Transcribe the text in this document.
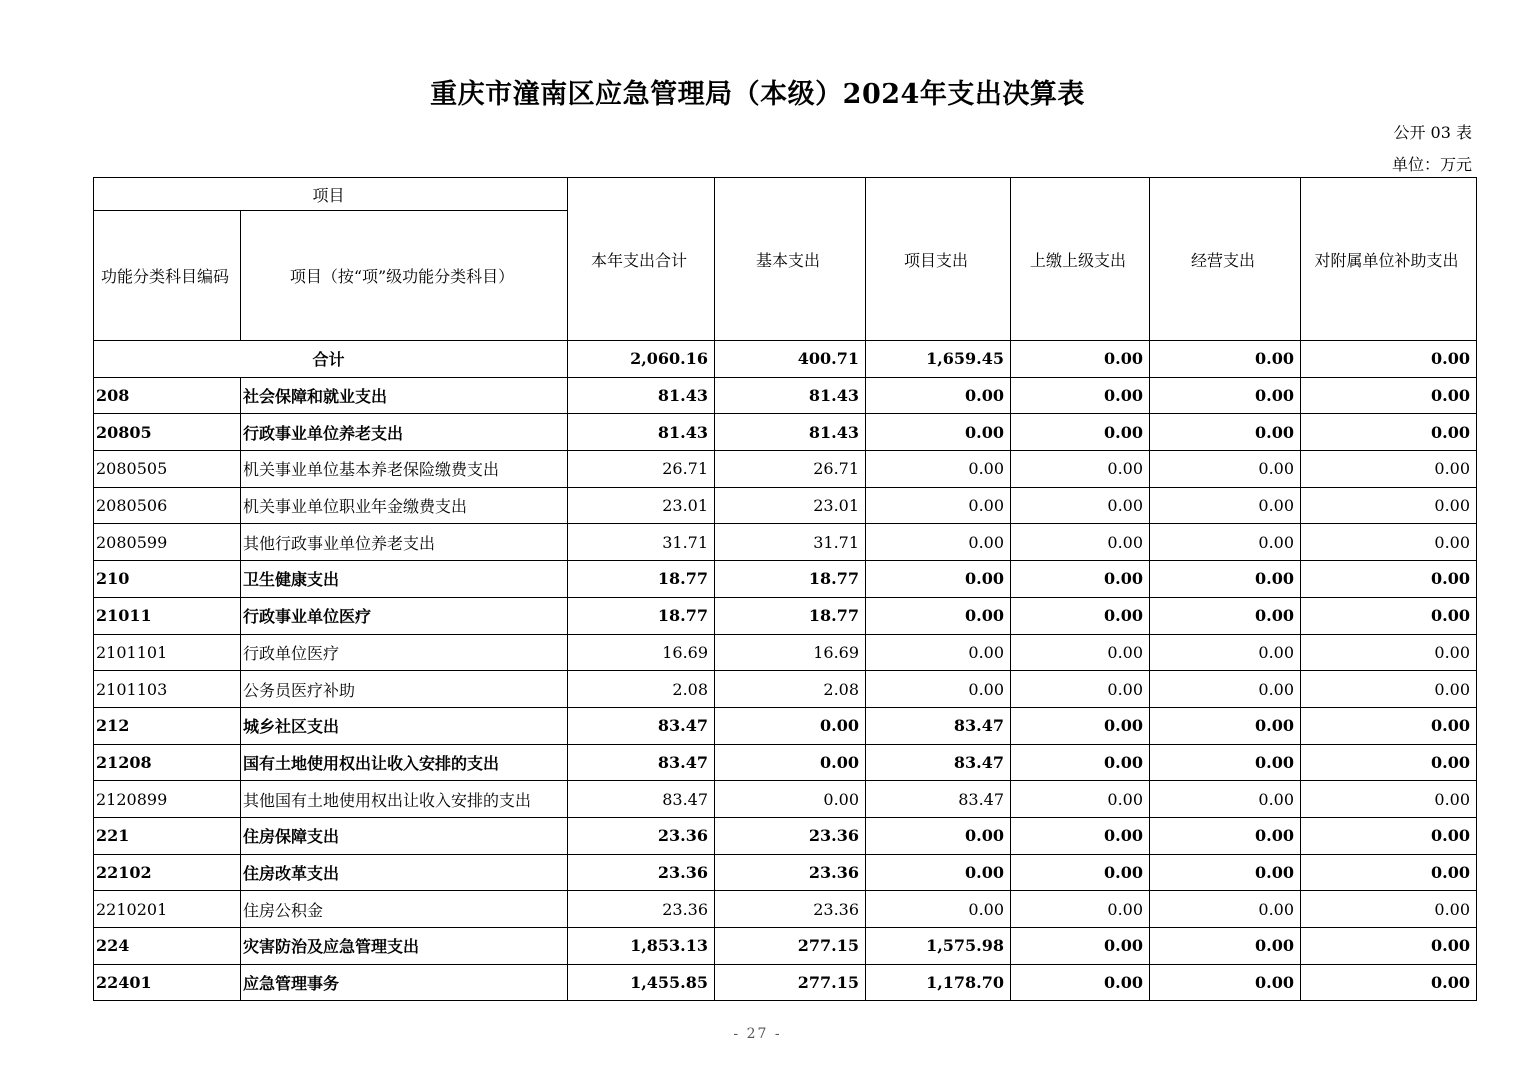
重庆市潼南区应急管理局（本级）2024年支出决算表
公开 03 表
单位：万元
项目		本年支出合计	基本支出	项目支出	上缴上级支出	经营支出	对附属单位补助支出
功能分类科目编码	项目（按“项”级功能分类科目）						
合计		2,060.16	400.71	1,659.45	0.00	0.00	0.00
208	社会保障和就业支出	81.43	81.43	0.00	0.00	0.00	0.00
20805	行政事业单位养老支出	81.43	81.43	0.00	0.00	0.00	0.00
2080505	机关事业单位基本养老保险缴费支出	26.71	26.71	0.00	0.00	0.00	0.00
2080506	机关事业单位职业年金缴费支出	23.01	23.01	0.00	0.00	0.00	0.00
2080599	其他行政事业单位养老支出	31.71	31.71	0.00	0.00	0.00	0.00
210	卫生健康支出	18.77	18.77	0.00	0.00	0.00	0.00
21011	行政事业单位医疗	18.77	18.77	0.00	0.00	0.00	0.00
2101101	行政单位医疗	16.69	16.69	0.00	0.00	0.00	0.00
2101103	公务员医疗补助	2.08	2.08	0.00	0.00	0.00	0.00
212	城乡社区支出	83.47	0.00	83.47	0.00	0.00	0.00
21208	国有土地使用权出让收入安排的支出	83.47	0.00	83.47	0.00	0.00	0.00
2120899	其他国有土地使用权出让收入安排的支出	83.47	0.00	83.47	0.00	0.00	0.00
221	住房保障支出	23.36	23.36	0.00	0.00	0.00	0.00
22102	住房改革支出	23.36	23.36	0.00	0.00	0.00	0.00
2210201	住房公积金	23.36	23.36	0.00	0.00	0.00	0.00
224	灾害防治及应急管理支出	1,853.13	277.15	1,575.98	0.00	0.00	0.00
22401	应急管理事务	1,455.85	277.15	1,178.70	0.00	0.00	0.00
- 27 -
